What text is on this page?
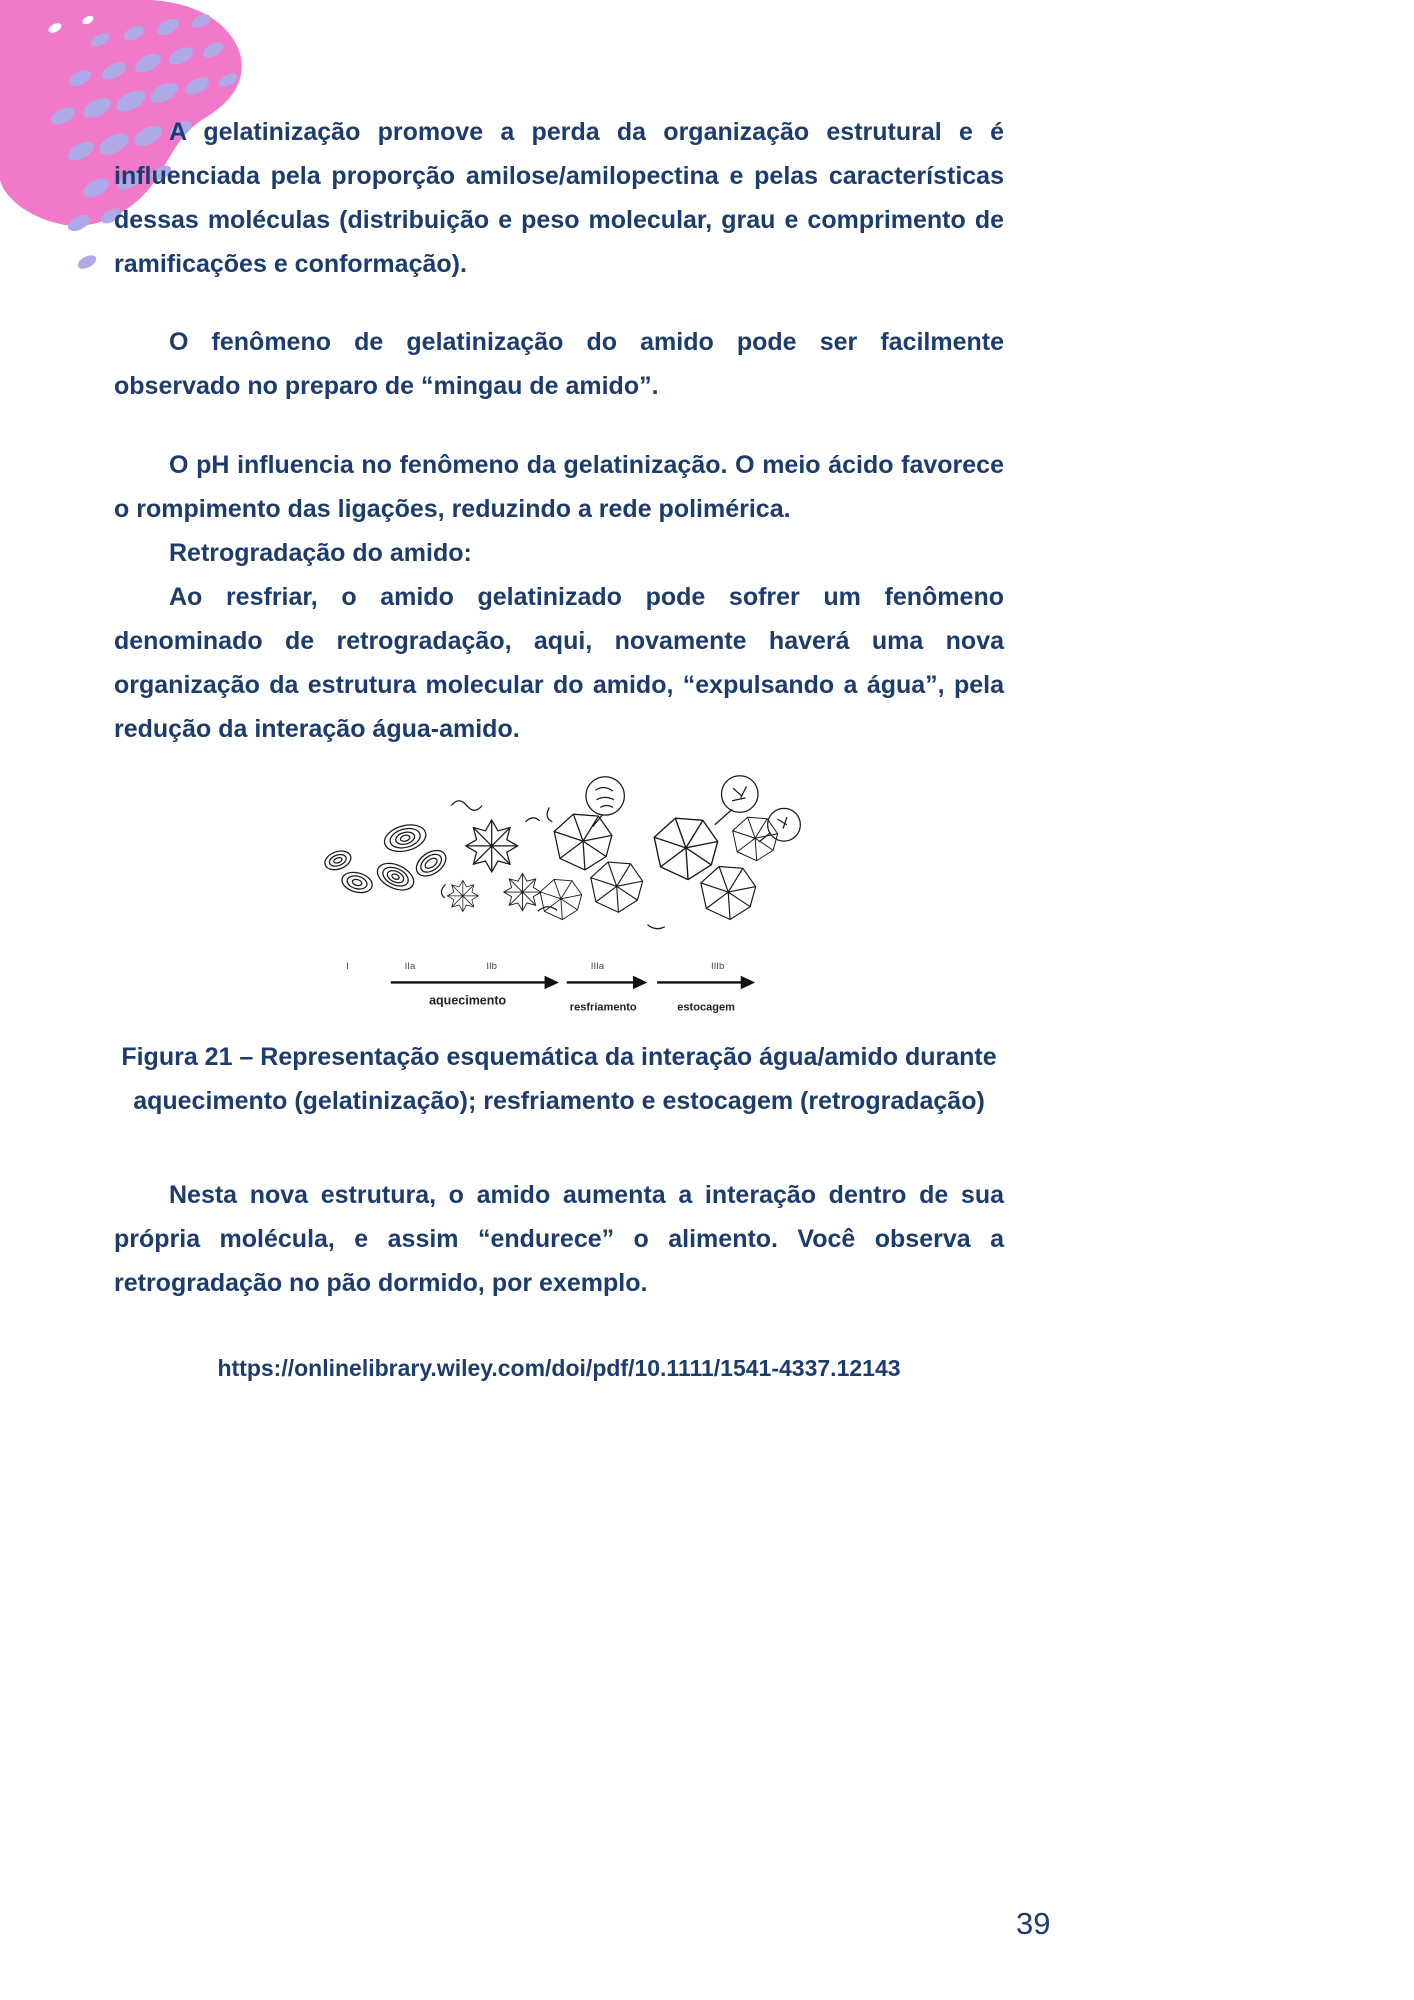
A gelatinização promove a perda da organização estrutural e é influenciada pela proporção amilose/amilopectina e pelas características dessas moléculas (distribuição e peso molecular, grau e comprimento de ramificações e conformação).

O fenômeno de gelatinização do amido pode ser facilmente observado no preparo de “mingau de amido”.

O pH influencia no fenômeno da gelatinização. O meio ácido favorece o rompimento das ligações, reduzindo a rede polimérica.

Retrogradação do amido:

Ao resfriar, o amido gelatinizado pode sofrer um fenômeno denominado de retrogradação, aqui, novamente haverá uma nova organização da estrutura molecular do amido, “expulsando a água”, pela redução da interação água-amido.

I	IIa	IIb	IIIa	IIIb
aquecimento	resfriamento	estocagem

Figura 21 – Representação esquemática da interação água/amido durante aquecimento (gelatinização); resfriamento e estocagem (retrogradação)

Nesta nova estrutura, o amido aumenta a interação dentro de sua própria molécula, e assim “endurece” o alimento. Você observa a retrogradação no pão dormido, por exemplo.

https://onlinelibrary.wiley.com/doi/pdf/10.1111/1541-4337.12143
39
